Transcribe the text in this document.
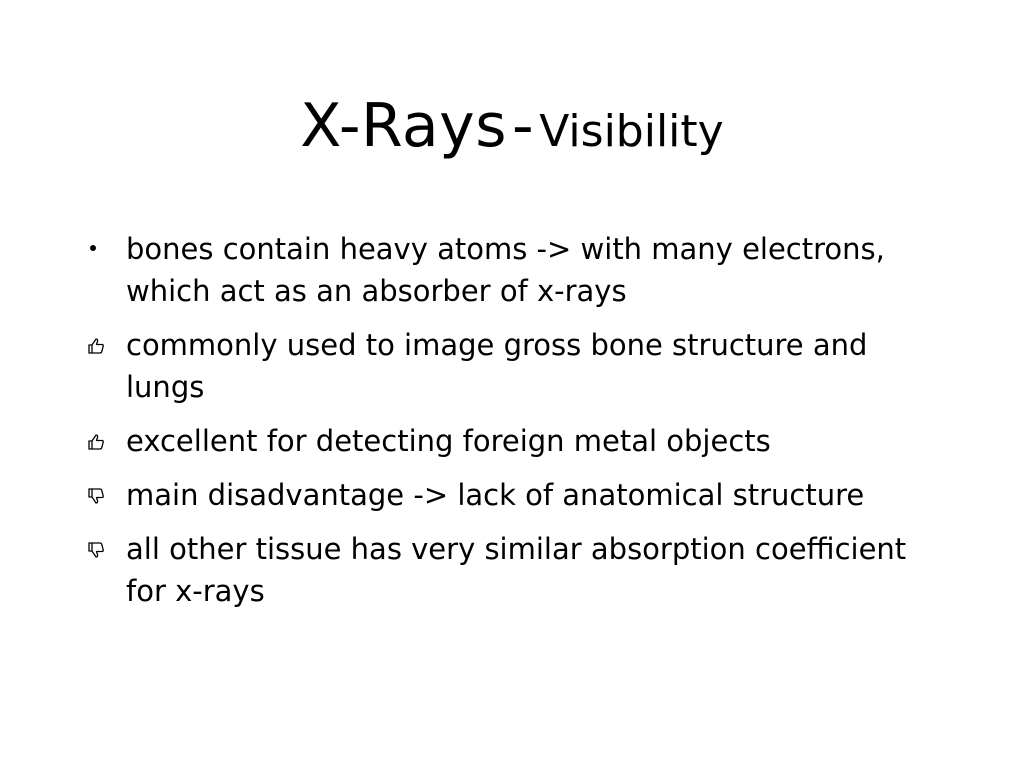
X-Rays - Visibility
bones contain heavy atoms -> with many electrons, which act as an absorber of x-rays
commonly used to image gross bone structure and lungs
excellent for detecting foreign metal objects
main disadvantage -> lack of anatomical structure
all other tissue has very similar absorption coefficient for x-rays
